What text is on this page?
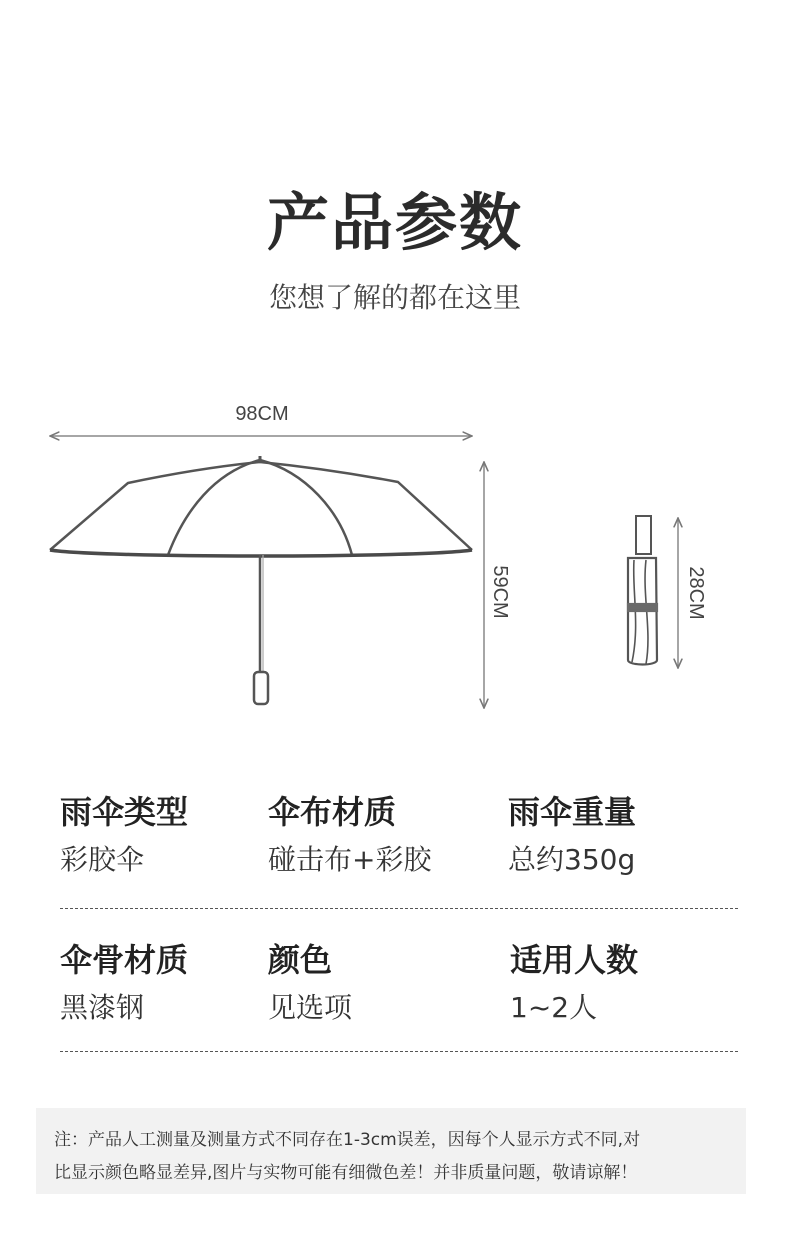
产品参数
您想了解的都在这里
98CM
59CM	28CM
雨伞类型
彩胶伞
伞布材质
碰击布+彩胶
雨伞重量
总约350g
伞骨材质
黑漆钢
颜色
见选项
适用人数
1~2人
注：产品人工测量及测量方式不同存在1-3cm误差，因每个人显示方式不同,对
比显示颜色略显差异,图片与实物可能有细微色差！并非质量问题，敬请谅解！
